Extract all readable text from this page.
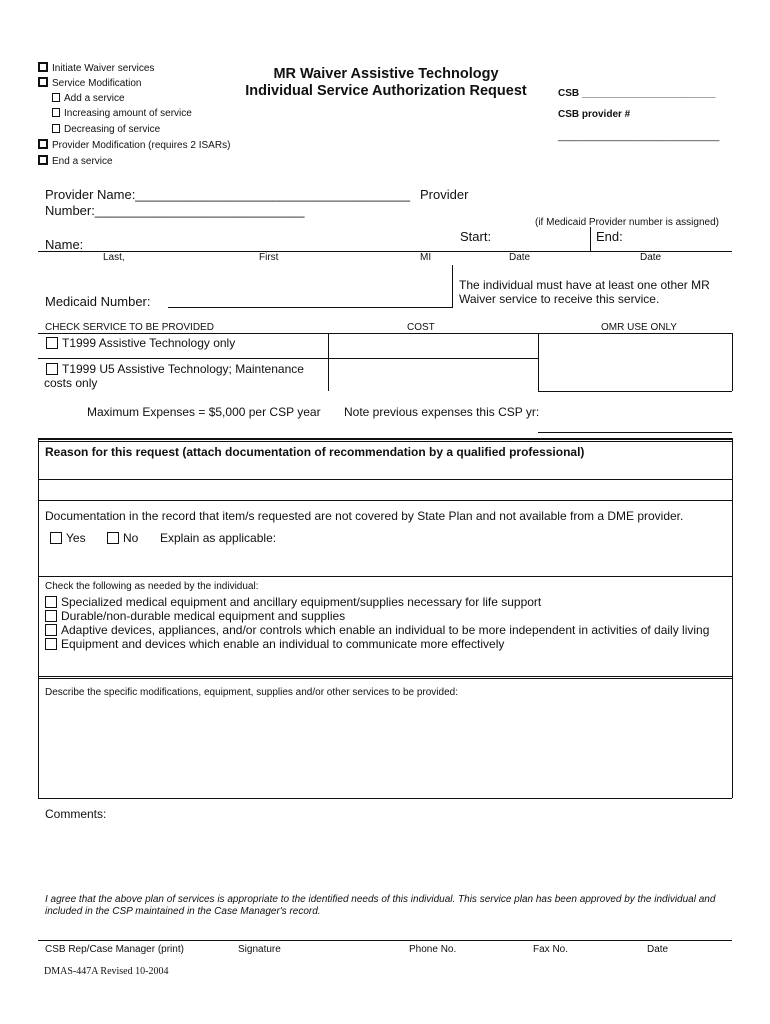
Initiate Waiver services
Service Modification
Add a service
Increasing amount of service
Decreasing of service
Provider Modification (requires 2 ISARs)
End a service
MR Waiver Assistive Technology
Individual Service Authorization Request	CSB ________________________
CSB provider #
_____________________________
Provider Name:______________________________________ Provider
Number:_____________________________
(if Medicaid Provider number is assigned)
Name:
Start:	End:
Last,	First	MI	Date	Date
Medicaid Number:
The individual must have at least one other MR Waiver service to receive this service.
CHECK SERVICE TO BE PROVIDED	COST	OMR USE ONLY
T1999 Assistive Technology only
T1999 U5 Assistive Technology; Maintenance
costs only
Maximum Expenses = $5,000 per CSP year Note previous expenses this CSP yr:
Reason for this request (attach documentation of recommendation by a qualified professional)
Documentation in the record that item/s requested are not covered by State Plan and not available from a DME provider.
Yes	No Explain as applicable:
Check the following as needed by the individual:
Specialized medical equipment and ancillary equipment/supplies necessary for life support
Durable/non-durable medical equipment and supplies
Adaptive devices, appliances, and/or controls which enable an individual to be more independent in activities of daily living
Equipment and devices which enable an individual to communicate more effectively
Describe the specific modifications, equipment, supplies and/or other services to be provided:
Comments:
I agree that the above plan of services is appropriate to the identified needs of this individual. This service plan has been approved by the individual and included in the CSP maintained in the Case Manager's record.
CSB Rep/Case Manager (print)	Signature	Phone No.	Fax No.	Date
DMAS-447A Revised 10-2004
